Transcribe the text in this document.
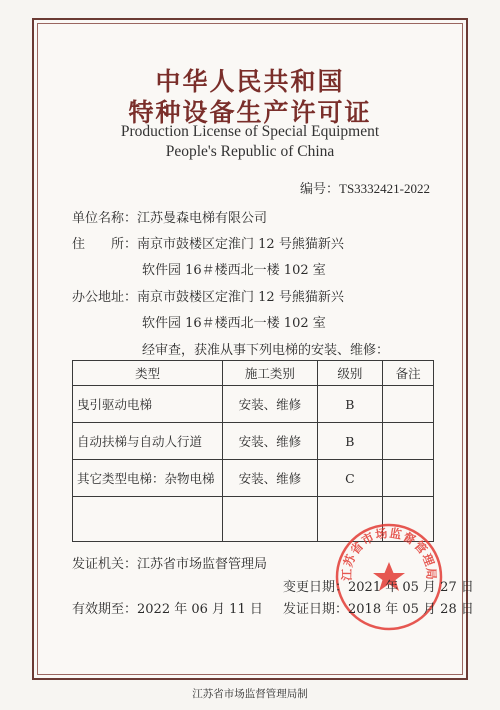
中华人民共和国
特种设备生产许可证
Production License of Special Equipment
People's Republic of China
编号：TS3332421-2022
单位名称：江苏曼森电梯有限公司
住　　所：南京市鼓楼区定淮门 12 号熊猫新兴
软件园 16＃楼西北一楼 102 室
办公地址：南京市鼓楼区定淮门 12 号熊猫新兴
软件园 16＃楼西北一楼 102 室
经审查，获准从事下列电梯的安装、维修：
类型	施工类别	级别	备注
曳引驱动电梯	安装、维修	B	
自动扶梯与自动人行道	安装、维修	B	
其它类型电梯：杂物电梯	安装、维修	C	

江苏省市场监督管理局
发证机关：江苏省市场监督管理局
变更日期：2021 年 05 月 27 日
有效期至：2022 年 06 月 11 日 发证日期：2018 年 05 月 28 日
江苏省市场监督管理局制
